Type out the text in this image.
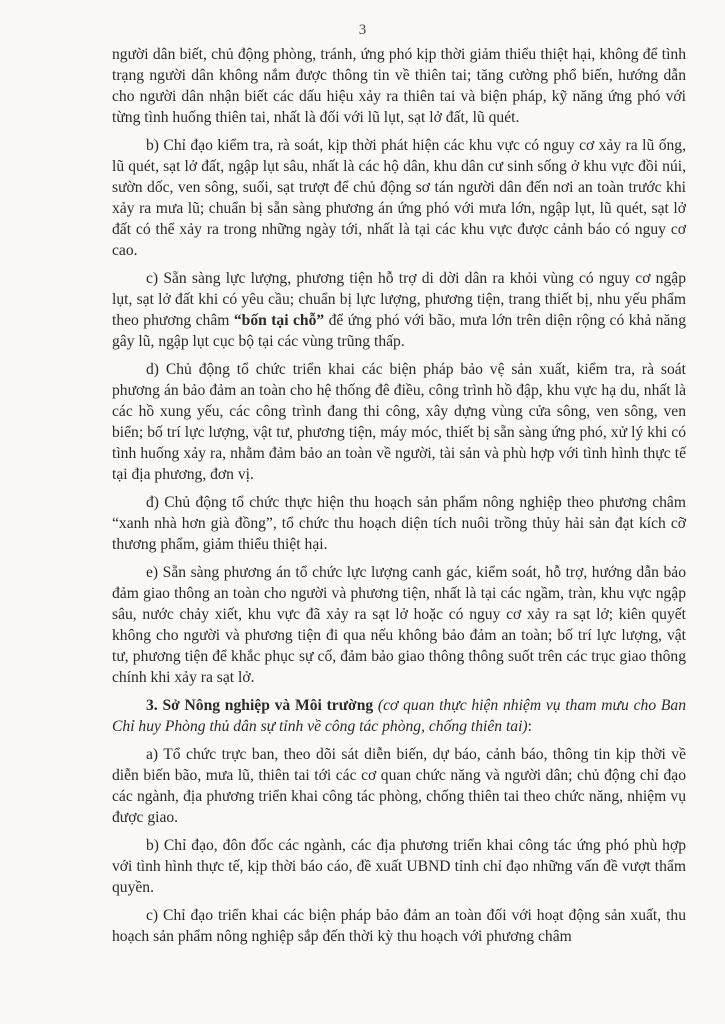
3

người dân biết, chủ động phòng, tránh, ứng phó kịp thời giảm thiểu thiệt hại, không để tình trạng người dân không nắm được thông tin về thiên tai; tăng cường phổ biến, hướng dẫn cho người dân nhận biết các dấu hiệu xảy ra thiên tai và biện pháp, kỹ năng ứng phó với từng tình huống thiên tai, nhất là đối với lũ lụt, sạt lở đất, lũ quét.

b) Chỉ đạo kiểm tra, rà soát, kịp thời phát hiện các khu vực có nguy cơ xảy ra lũ ống, lũ quét, sạt lở đất, ngập lụt sâu, nhất là các hộ dân, khu dân cư sinh sống ở khu vực đồi núi, sườn dốc, ven sông, suối, sạt trượt để chủ động sơ tán người dân đến nơi an toàn trước khi xảy ra mưa lũ; chuẩn bị sẵn sàng phương án ứng phó với mưa lớn, ngập lụt, lũ quét, sạt lở đất có thể xảy ra trong những ngày tới, nhất là tại các khu vực được cảnh báo có nguy cơ cao.

c) Sẵn sàng lực lượng, phương tiện hỗ trợ di dời dân ra khỏi vùng có nguy cơ ngập lụt, sạt lở đất khi có yêu cầu; chuẩn bị lực lượng, phương tiện, trang thiết bị, nhu yếu phẩm theo phương châm “bốn tại chỗ” để ứng phó với bão, mưa lớn trên diện rộng có khả năng gây lũ, ngập lụt cục bộ tại các vùng trũng thấp.

d) Chủ động tổ chức triển khai các biện pháp bảo vệ sản xuất, kiểm tra, rà soát phương án bảo đảm an toàn cho hệ thống đê điều, công trình hồ đập, khu vực hạ du, nhất là các hồ xung yếu, các công trình đang thi công, xây dựng vùng cửa sông, ven sông, ven biển; bố trí lực lượng, vật tư, phương tiện, máy móc, thiết bị sẵn sàng ứng phó, xử lý khi có tình huống xảy ra, nhằm đảm bảo an toàn về người, tài sản và phù hợp với tình hình thực tế tại địa phương, đơn vị.

đ) Chủ động tổ chức thực hiện thu hoạch sản phẩm nông nghiệp theo phương châm “xanh nhà hơn già đồng”, tổ chức thu hoạch diện tích nuôi trồng thủy hải sản đạt kích cỡ thương phẩm, giảm thiểu thiệt hại.

e) Sẵn sàng phương án tổ chức lực lượng canh gác, kiểm soát, hỗ trợ, hướng dẫn bảo đảm giao thông an toàn cho người và phương tiện, nhất là tại các ngầm, tràn, khu vực ngập sâu, nước chảy xiết, khu vực đã xảy ra sạt lở hoặc có nguy cơ xảy ra sạt lở; kiên quyết không cho người và phương tiện đi qua nếu không bảo đảm an toàn; bố trí lực lượng, vật tư, phương tiện để khắc phục sự cố, đảm bảo giao thông thông suốt trên các trục giao thông chính khi xảy ra sạt lở.

3. Sở Nông nghiệp và Môi trường (cơ quan thực hiện nhiệm vụ tham mưu cho Ban Chỉ huy Phòng thủ dân sự tỉnh về công tác phòng, chống thiên tai):

a) Tổ chức trực ban, theo dõi sát diễn biến, dự báo, cảnh báo, thông tin kịp thời về diễn biến bão, mưa lũ, thiên tai tới các cơ quan chức năng và người dân; chủ động chỉ đạo các ngành, địa phương triển khai công tác phòng, chống thiên tai theo chức năng, nhiệm vụ được giao.

b) Chỉ đạo, đôn đốc các ngành, các địa phương triển khai công tác ứng phó phù hợp với tình hình thực tế, kịp thời báo cáo, đề xuất UBND tỉnh chỉ đạo những vấn đề vượt thẩm quyền.

c) Chỉ đạo triển khai các biện pháp bảo đảm an toàn đối với hoạt động sản xuất, thu hoạch sản phẩm nông nghiệp sắp đến thời kỳ thu hoạch với phương châm
